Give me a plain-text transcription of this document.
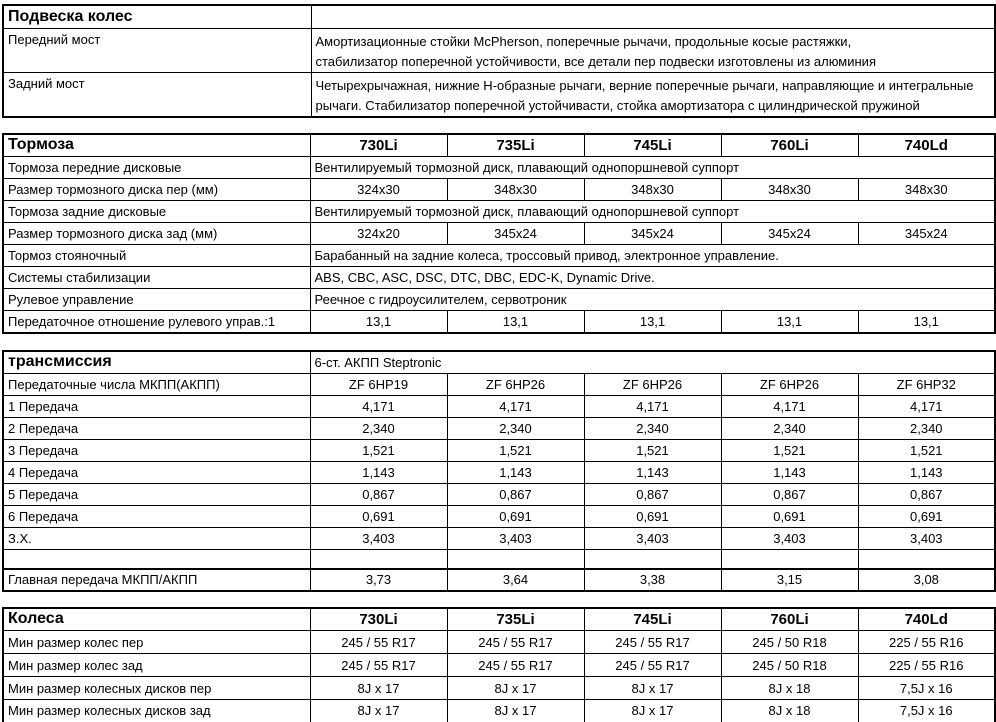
Подвеска колес	
Передний мост	Амортизационные стойки McPherson, поперечные рычачи, продольные косые растяжки,
стабилизатор поперечной устойчивости, все детали пер подвески изготовлены из алюминия

Задний мост	Четырехрычажная, нижние Н-образные рычаги, верние поперечные рычаги, направляющие и интегральные
рычаги. Стабилизатор поперечной устойчивасти, стойка амортизатора с цилиндрической пружиной
Тормоза	730Li	735Li	745Li	760Li	740Ld
Тормоза передние дисковые	Вентилируемый тормозной диск, плавающий однопоршневой суппорт				
Размер тормозного диска пер (мм)	324x30	348x30	348x30	348x30	348x30
Тормоза задние дисковые	Вентилируемый тормозной диск, плавающий однопоршневой суппорт				
Размер тормозного диска зад (мм)	324x20	345x24	345x24	345x24	345x24
Тормоз стояночный	Барабанный на задние колеса, троссовый привод, электронное управление.				
Системы стабилизации	ABS, CBC, ASC, DSC, DTC, DBC, EDC-K, Dynamic Drive.				
Рулевое управление	Реечное с гидроусилителем, сервотроник				
Передаточное отношение рулевого управ.:1	13,1	13,1	13,1	13,1	13,1
трансмиссия	6-ст. АКПП Steptronic				
Передаточные числа МКПП(АКПП)	ZF 6HP19	ZF 6HP26	ZF 6HP26	ZF 6HP26	ZF 6HP32
1 Передача	4,171	4,171	4,171	4,171	4,171
2 Передача	2,340	2,340	2,340	2,340	2,340
3 Передача	1,521	1,521	1,521	1,521	1,521
4 Передача	1,143	1,143	1,143	1,143	1,143
5 Передача	0,867	0,867	0,867	0,867	0,867
6 Передача	0,691	0,691	0,691	0,691	0,691
З.Х.	3,403	3,403	3,403	3,403	3,403

Главная передача МКПП/АКПП	3,73	3,64	3,38	3,15	3,08
Колеса	730Li	735Li	745Li	760Li	740Ld
Мин размер колес пер	245 / 55 R17	245 / 55 R17	245 / 55 R17	245 / 50 R18	225 / 55 R16
Мин размер колес зад	245 / 55 R17	245 / 55 R17	245 / 55 R17	245 / 50 R18	225 / 55 R16
Мин размер колесных дисков пер	8J x 17	8J x 17	8J x 17	8J x 18	7,5J x 16
Мин размер колесных дисков зад	8J x 17	8J x 17	8J x 17	8J x 18	7,5J x 16
